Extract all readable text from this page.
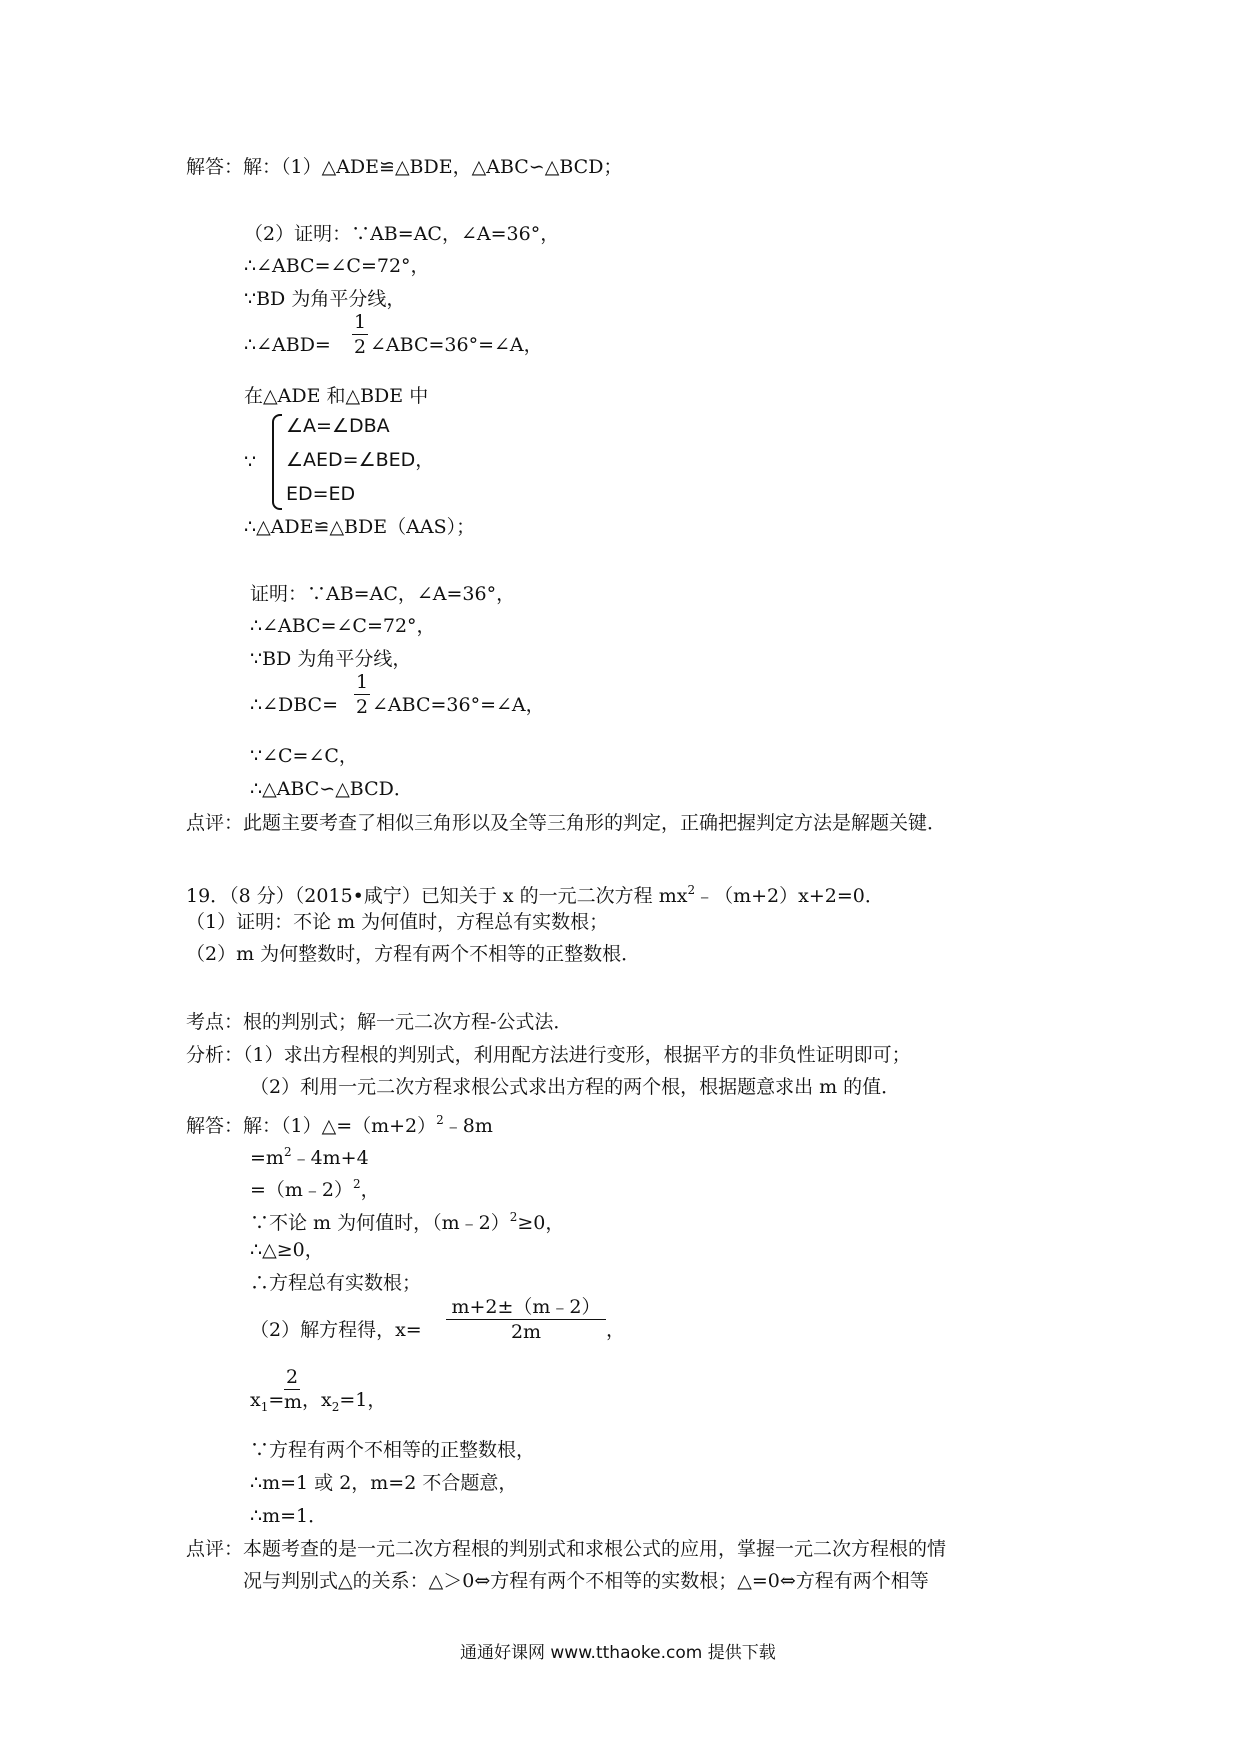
解答：解：（1）△ADE≌△BDE，△ABC∽△BCD；
（2）证明：∵AB=AC，∠A=36°，
∴∠ABC=∠C=72°，
∵BD 为角平分线，
∴∠ABD=
1
2 ∠ABC=36°=∠A，
在△ADE 和△BDE 中
∵
∠A=∠DBA
∠AED=∠BED，
ED=ED
∴△ADE≌△BDE（AAS）；
证明：∵AB=AC，∠A=36°，
∴∠ABC=∠C=72°，
∵BD 为角平分线，
∴∠DBC=
1
2 ∠ABC=36°=∠A，
∵∠C=∠C，
∴△ABC∽△BCD．
点评：此题主要考查了相似三角形以及全等三角形的判定，正确把握判定方法是解题关键．
19．（8 分）（2015•咸宁）已知关于 x 的一元二次方程 $mx^2﹣(m+2)x+2=0$．
（1）证明：不论 m 为何值时，方程总有实数根；
（2）m 为何整数时，方程有两个不相等的正整数根．
考点：根的判别式；解一元二次方程-公式法．
分析：（1）求出方程根的判别式，利用配方法进行变形，根据平方的非负性证明即可；
（2）利用一元二次方程求根公式求出方程的两个根，根据题意求出 m 的值．
解答：解：$(1)\triangle=(m+2)^2﹣8m$
$=m^2﹣4m+4$
=（m﹣2）$^2$，
∵不论 m 为何值时，（m﹣2）$^2$≥0，
∴△≥0，
∴方程总有实数根；
（2）解方程得，x=
m+2±（m﹣2）
2m	，
$x_1=$
2
m ，$x_2=1$，
∵方程有两个不相等的正整数根，
∴m=1 或 2，m=2 不合题意，
∴m=1．
点评：本题考查的是一元二次方程根的判别式和求根公式的应用，掌握一元二次方程根的情
况与判别式△的关系：△＞0⇔方程有两个不相等的实数根；△=0⇔方程有两个相等
通通好课网 www.tthaoke.com 提供下载
